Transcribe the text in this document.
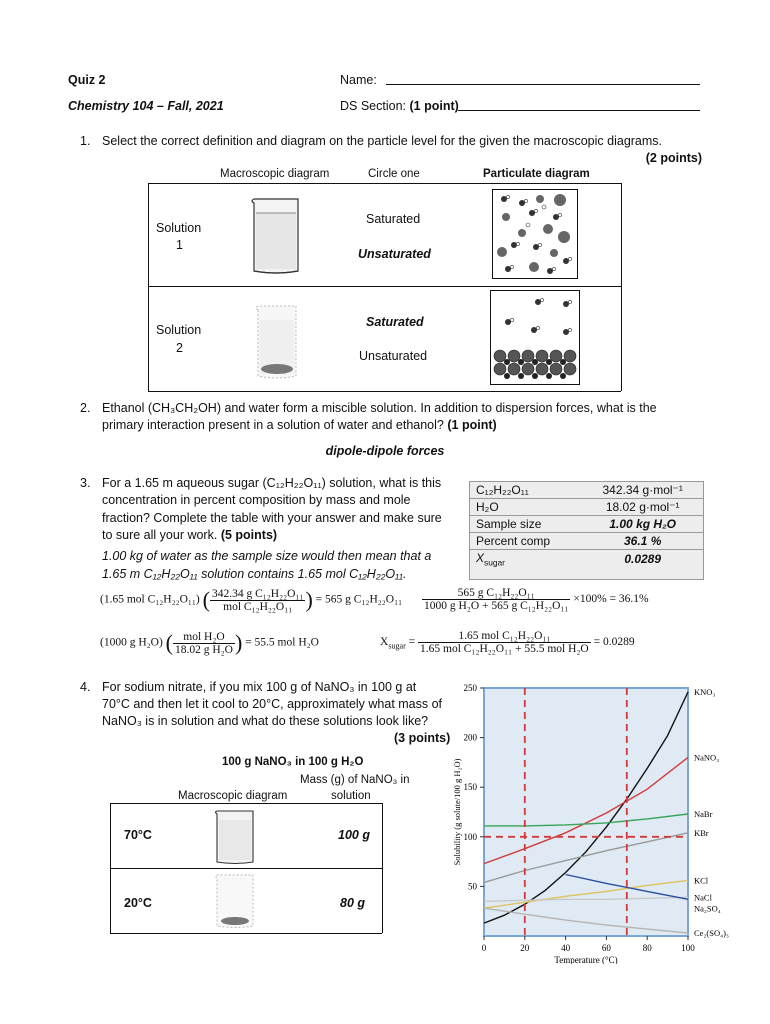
Quiz 2	Name:
Chemistry 104 – Fall, 2021	DS Section: (1 point)
1. Select the correct definition and diagram on the particle level for the given the macroscopic diagrams.
(2 points)
Macroscopic diagram	Circle one	Particulate diagram
Solution
1
Saturated
Unsaturated
Solution
2
Saturated
Unsaturated
2. Ethanol (CH₃CH₂OH) and water form a miscible solution. In addition to dispersion forces, what is the
primary interaction present in a solution of water and ethanol? (1 point)
dipole-dipole forces
3. For a 1.65 m aqueous sugar (C₁₂H₂₂O₁₁) solution, what is this
concentration in percent composition by mass and mole
fraction? Complete the table with your answer and make sure
to sure all your work. (5 points)
1.00 kg of water as the sample size would then mean that a
1.65 m C₁₂H₂₂O₁₁ solution contains 1.65 mol C₁₂H₂₂O₁₁.
C₁₂H₂₂O₁₁	342.34 g·mol⁻¹
H₂O	18.02 g·mol⁻¹
Sample size	1.00 kg H₂O
Percent comp	36.1 %
$X_{sugar}$	0.0289
(1.65 mol C₁₂H₂₂O₁₁) ( $\frac{\text{342.34 g C₁₂H₂₂O₁₁}}{\text{mol C₁₂H₂₂O₁₁}}$ ) = 565 g $C_{12}H_{22}O_{11} \frac{\text{565 g C₁₂H₂₂O₁₁}}{\text{1000 g H₂O + 565 g C₁₂H₂₂O₁₁}} \times 100\% = 36.1\%$
(1000 g H₂O) ( $\frac{\text{mol H₂O}}{\text{18.02 g H₂O}}$ ) = 55.5 mol H₂O	$X_{sugar} = \frac{\text{1.65 mol C₁₂H₂₂O₁₁}}{\text{1.65 mol C₁₂H₂₂O₁₁ + 55.5 mol H₂O}} = 0.0289$
4. For sodium nitrate, if you mix 100 g of NaNO₃ in 100 g at
70°C and then let it cool to 20°C, approximately what mass of
NaNO₃ is in solution and what do these solutions look like?
(3 points)
100 g NaNO₃ in 100 g H₂O
Mass (g) of NaNO₃ in
Macroscopic diagram	solution
70°C	100 g
20°C	80 g
50
100
150
200
250
0	20	40	60	80	100
Temperature (°C)
Solubility (g solute/100 g H₂O)
KNO₃
NaNO₃
NaBr
KBr
KCl
NaCl
Na₂SO₄
Ce₂(SO₄)₃
